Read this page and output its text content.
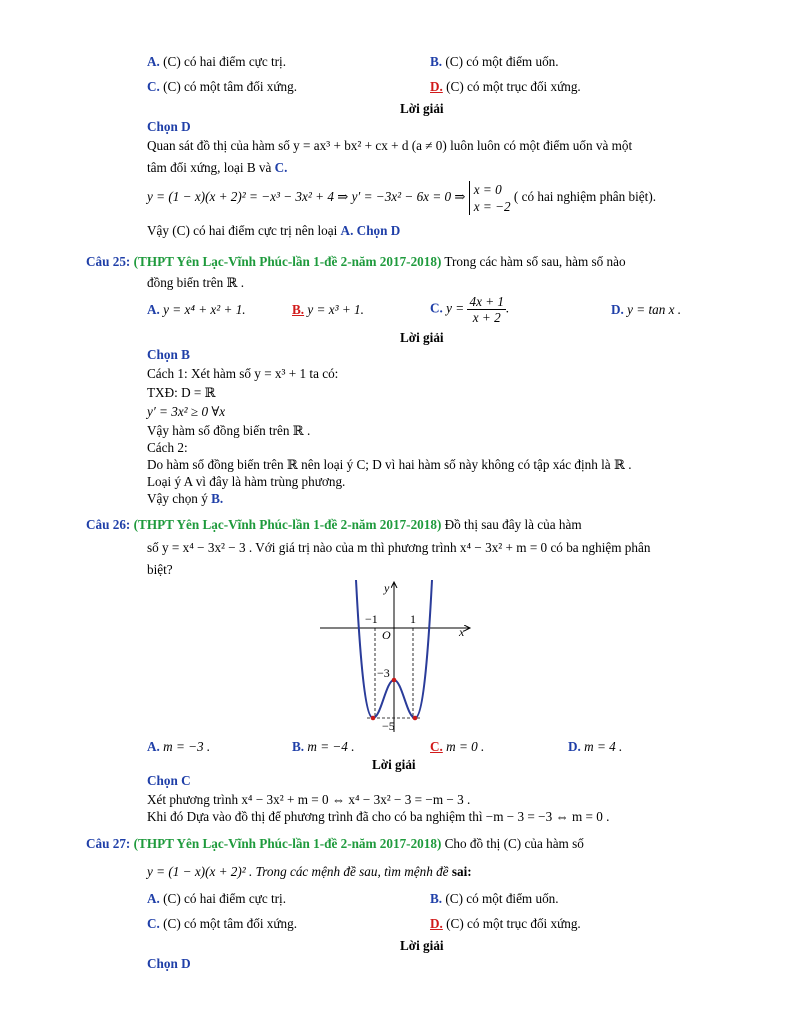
A. (C) có hai điểm cực trị.	B. (C) có một điểm uốn.
C. (C) có một tâm đối xứng.	D. (C) có một trục đối xứng.
Lời giải
Chọn D
Quan sát đồ thị của hàm số y = ax³ + bx² + cx + d (a ≠ 0) luôn luôn có một điểm uốn và một
tâm đối xứng, loại B và C.
y = (1 − x)(x + 2)² = −x³ − 3x² + 4 ⇒ y′ = −3x² − 6x = 0 ⇒ x = 0
x = −2 ( có hai nghiệm phân biệt).
Vậy (C) có hai điểm cực trị nên loại A. Chọn D
Câu 25: (THPT Yên Lạc-Vĩnh Phúc-lần 1-đề 2-năm 2017-2018) Trong các hàm số sau, hàm số nào
đồng biến trên ℝ .
A. y = x⁴ + x² + 1.	B. y = x³ + 1.	C. $y = \frac{4x + 1}{x + 2}$ .	D. y = tan x .
Lời giải
Chọn B
Cách 1: Xét hàm số y = x³ + 1 ta có:
TXĐ: D = ℝ
y′ = 3x² ≥ 0 ∀x
Vậy hàm số đồng biến trên ℝ .
Cách 2:
Do hàm số đồng biến trên ℝ nên loại ý C; D vì hai hàm số này không có tập xác định là ℝ .
Loại ý A vì đây là hàm trùng phương.
Vậy chọn ý B.
Câu 26: (THPT Yên Lạc-Vĩnh Phúc-lần 1-đề 2-năm 2017-2018) Đồ thị sau đây là của hàm
số y = x⁴ − 3x² − 3 . Với giá trị nào của m thì phương trình x⁴ − 3x² + m = 0 có ba nghiệm phân
biệt?
y
x
O
−1	1
−3
−5
A. m = −3 .	B. m = −4 .	C. m = 0 .	D. m = 4 .
Lời giải
Chọn C
Xét phương trình x⁴ − 3x² + m = 0 ⇔ x⁴ − 3x² − 3 = −m − 3 .
Khi đó Dựa vào đồ thị để phương trình đã cho có ba nghiệm thì −m − 3 = −3 ⇔ m = 0 .
Câu 27: (THPT Yên Lạc-Vĩnh Phúc-lần 1-đề 2-năm 2017-2018) Cho đồ thị (C) của hàm số
y = (1 − x)(x + 2)² . Trong các mệnh đề sau, tìm mệnh đề sai:
A. (C) có hai điểm cực trị.	B. (C) có một điểm uốn.
C. (C) có một tâm đối xứng.	D. (C) có một trục đối xứng.
Lời giải
Chọn D
